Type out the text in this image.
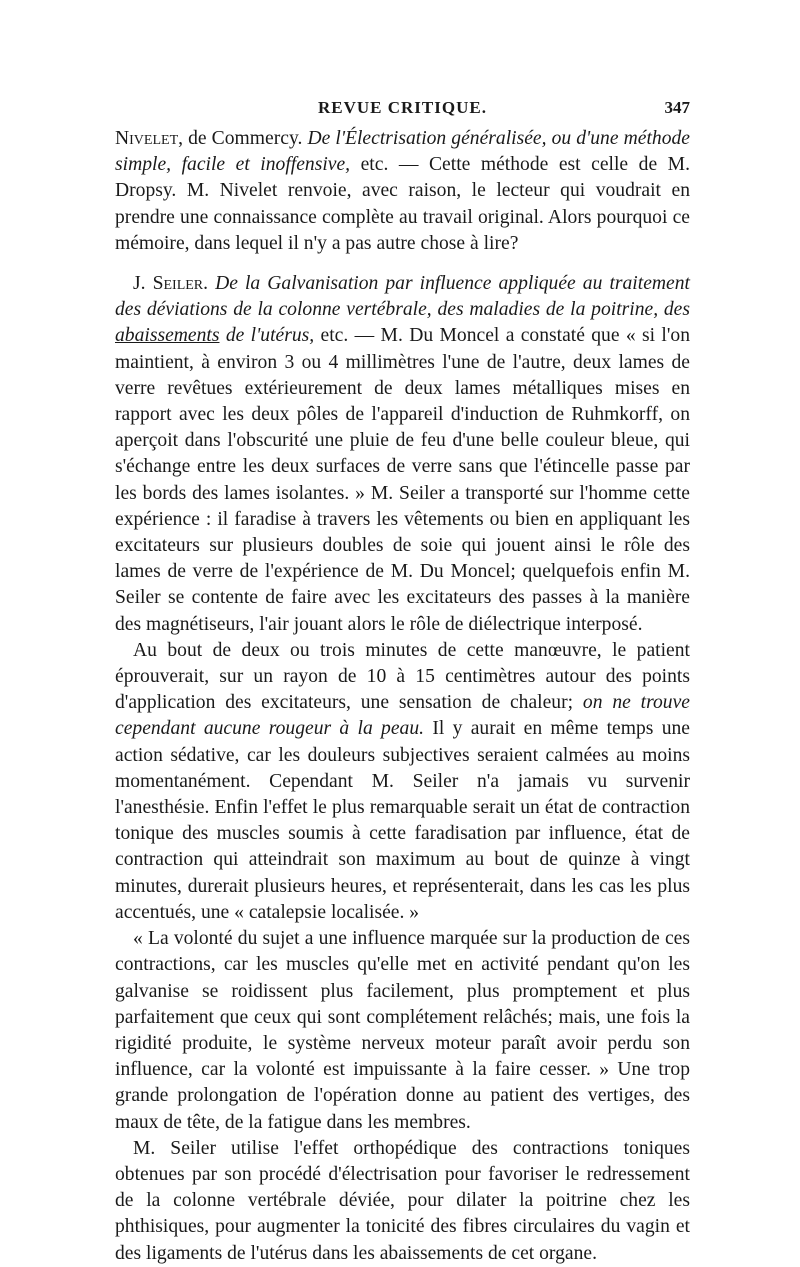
REVUE CRITIQUE.	347

Nivelet, de Commercy. De l'Électrisation généralisée, ou d'une méthode simple, facile et inoffensive, etc. — Cette méthode est celle de M. Dropsy. M. Nivelet renvoie, avec raison, le lecteur qui voudrait en prendre une connaissance complète au travail original. Alors pourquoi ce mémoire, dans lequel il n'y a pas autre chose à lire?

J. Seiler. De la Galvanisation par influence appliquée au traitement des déviations de la colonne vertébrale, des maladies de la poitrine, des abaissements de l'utérus, etc. — M. Du Moncel a constaté que « si l'on maintient, à environ 3 ou 4 millimètres l'une de l'autre, deux lames de verre revêtues extérieurement de deux lames métalliques mises en rapport avec les deux pôles de l'appareil d'induction de Ruhmkorff, on aperçoit dans l'obscurité une pluie de feu d'une belle couleur bleue, qui s'échange entre les deux surfaces de verre sans que l'étincelle passe par les bords des lames isolantes. » M. Seiler a transporté sur l'homme cette expérience : il faradise à travers les vêtements ou bien en appliquant les excitateurs sur plusieurs doubles de soie qui jouent ainsi le rôle des lames de verre de l'expérience de M. Du Moncel; quelquefois enfin M. Seiler se contente de faire avec les excitateurs des passes à la manière des magnétiseurs, l'air jouant alors le rôle de diélectrique interposé.

Au bout de deux ou trois minutes de cette manœuvre, le patient éprouverait, sur un rayon de 10 à 15 centimètres autour des points d'application des excitateurs, une sensation de chaleur; on ne trouve cependant aucune rougeur à la peau. Il y aurait en même temps une action sédative, car les douleurs subjectives seraient calmées au moins momentanément. Cependant M. Seiler n'a jamais vu survenir l'anesthésie. Enfin l'effet le plus remarquable serait un état de contraction tonique des muscles soumis à cette faradisation par influence, état de contraction qui atteindrait son maximum au bout de quinze à vingt minutes, durerait plusieurs heures, et représenterait, dans les cas les plus accentués, une « catalepsie localisée. »

« La volonté du sujet a une influence marquée sur la production de ces contractions, car les muscles qu'elle met en activité pendant qu'on les galvanise se roidissent plus facilement, plus promptement et plus parfaitement que ceux qui sont complétement relâchés; mais, une fois la rigidité produite, le système nerveux moteur paraît avoir perdu son influence, car la volonté est impuissante à la faire cesser. » Une trop grande prolongation de l'opération donne au patient des vertiges, des maux de tête, de la fatigue dans les membres.

M. Seiler utilise l'effet orthopédique des contractions toniques obtenues par son procédé d'électrisation pour favoriser le redressement de la colonne vertébrale déviée, pour dilater la poitrine chez les phthisiques, pour augmenter la tonicité des fibres circulaires du vagin et des ligaments de l'utérus dans les abaissements de cet organe.
